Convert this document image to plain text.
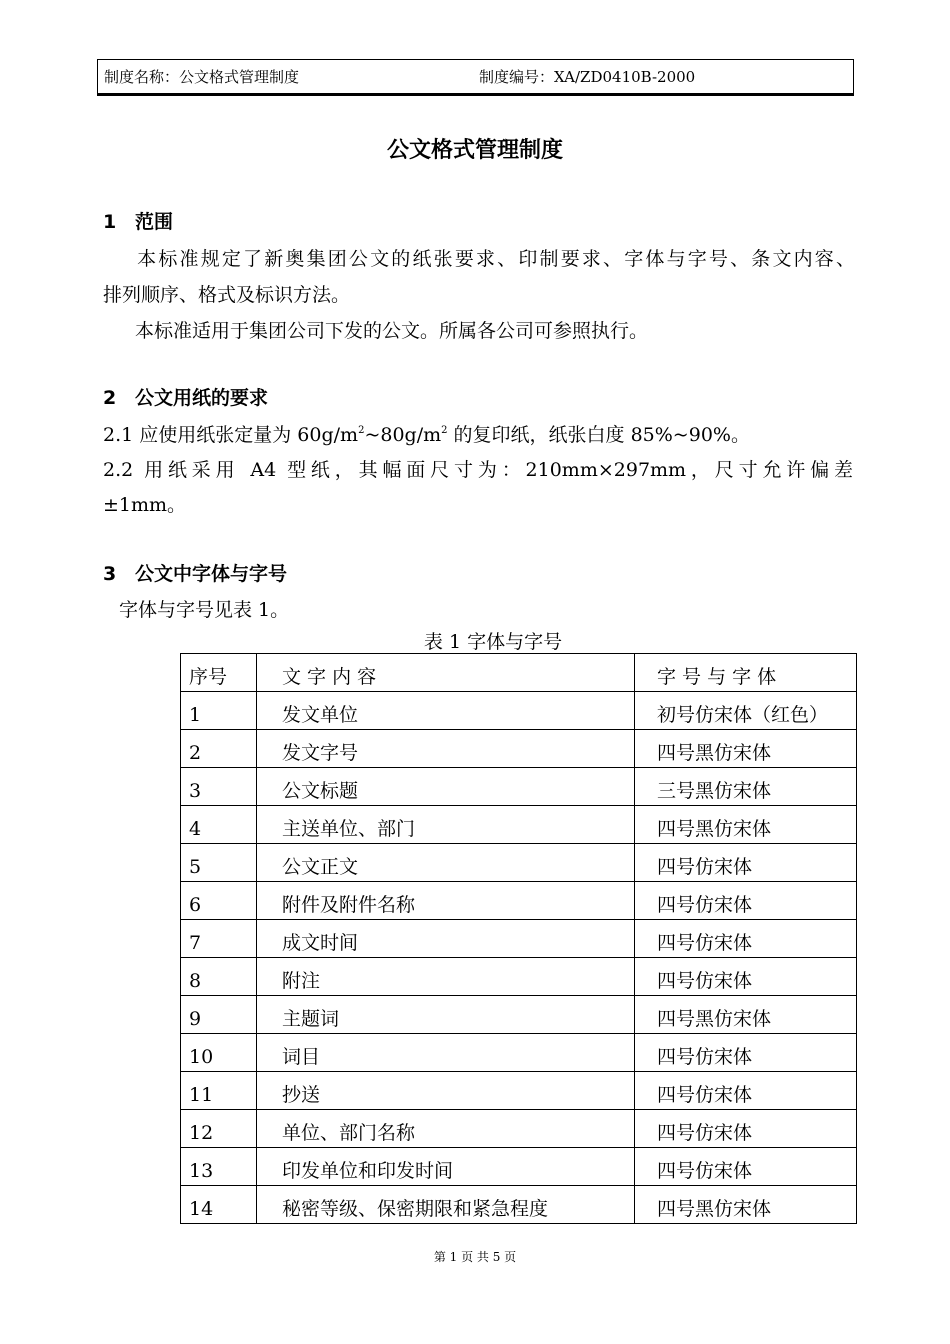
制度名称：公文格式管理制度	制度编号：XA/ZD0410B-2000
公文格式管理制度
1 范围
本标准规定了新奥集团公文的纸张要求、印制要求、字体与字号、条文内容、
排列顺序、格式及标识方法。
本标准适用于集团公司下发的公文。所属各公司可参照执行。
2 公文用纸的要求
2.1 应使用纸张定量为 $60g/m^2\sim 80g/m^2$ 的复印纸，纸张白度 85%~90%。
2.2 用纸采用 A4 型纸，其幅面尺寸为：210mm×297mm，尺寸允许偏差
±1mm。
3 公文中字体与字号
字体与字号见表 1。
表 1 字体与字号
序号	文 字 内 容	字 号 与 字 体
1	发文单位	初号仿宋体（红色）
2	发文字号	四号黑仿宋体
3	公文标题	三号黑仿宋体
4	主送单位、部门	四号黑仿宋体
5	公文正文	四号仿宋体
6	附件及附件名称	四号仿宋体
7	成文时间	四号仿宋体
8	附注	四号仿宋体
9	主题词	四号黑仿宋体
10	词目	四号仿宋体
11	抄送	四号仿宋体
12	单位、部门名称	四号仿宋体
13	印发单位和印发时间	四号仿宋体
14	秘密等级、保密期限和紧急程度	四号黑仿宋体
第 1 页 共 5 页
